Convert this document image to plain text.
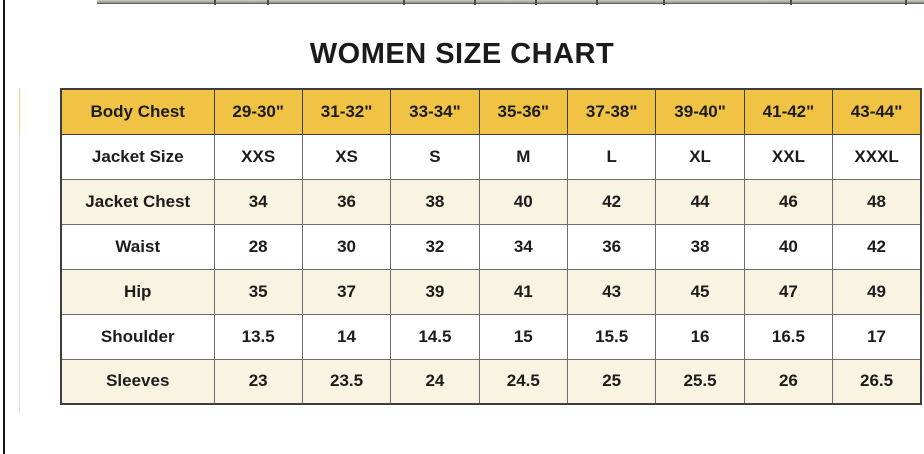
WOMEN SIZE CHART
Body Chest	29-30"	31-32"	33-34"	35-36"	37-38"	39-40"	41-42"	43-44"
Jacket Size	XXS	XS	S	M	L	XL	XXL	XXXL
Jacket Chest	34	36	38	40	42	44	46	48
Waist	28	30	32	34	36	38	40	42
Hip	35	37	39	41	43	45	47	49
Shoulder	13.5	14	14.5	15	15.5	16	16.5	17
Sleeves	23	23.5	24	24.5	25	25.5	26	26.5
